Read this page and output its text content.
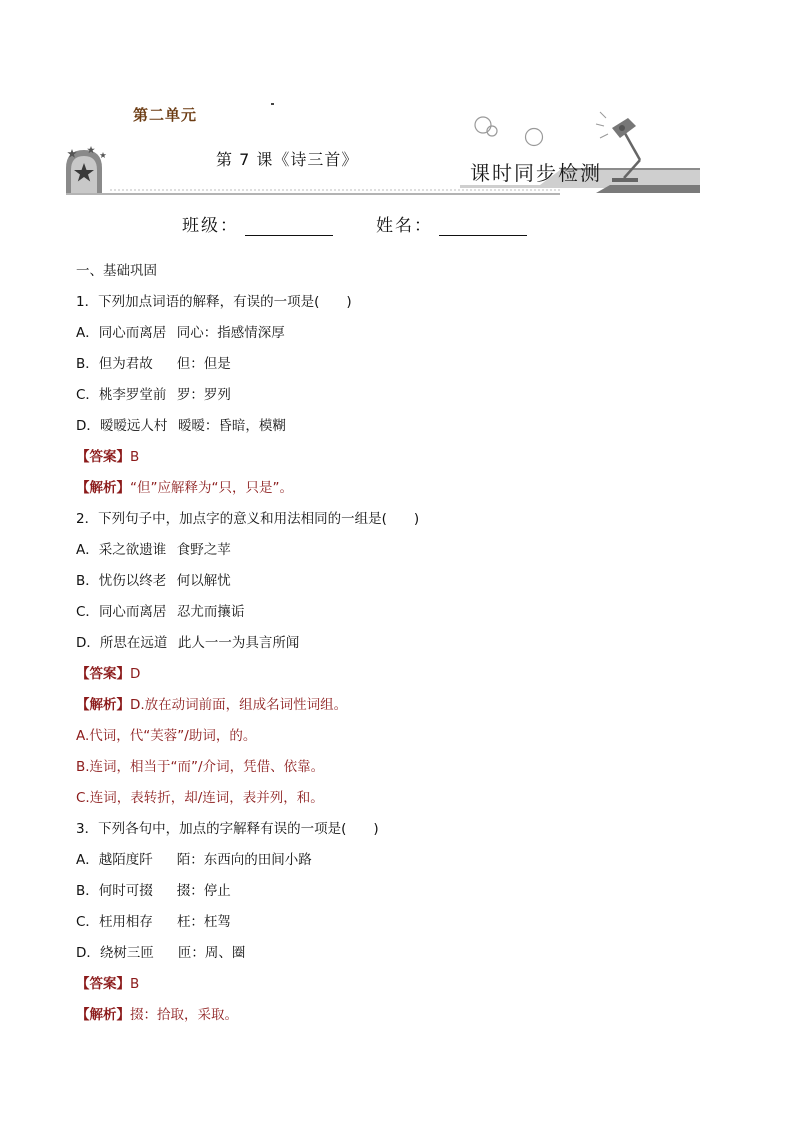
第二单元
第 7 课《诗三首》
课时同步检测
班级：	姓名：
一、基础巩固
1．下列加点词语的解释，有误的一项是(　　)
A．同心而离居 同心：指感情深厚
B．但为君故 但：但是
C．桃李罗堂前 罗：罗列
D．暧暧远人村 暧暧：昏暗，模糊
【答案】B
【解析】“但”应解释为“只，只是”。
2．下列句子中，加点字的意义和用法相同的一组是(　　)
A．采之欲遗谁 食野之苹
B．忧伤以终老 何以解忧
C．同心而离居 忍尤而攘诟
D．所思在远道 此人一一为具言所闻
【答案】D
【解析】D.放在动词前面，组成名词性词组。
A.代词，代“芙蓉”/助词，的。
B.连词，相当于“而”/介词，凭借、依靠。
C.连词，表转折，却/连词，表并列，和。
3．下列各句中，加点的字解释有误的一项是(　　)
A．越陌度阡 陌：东西向的田间小路
B．何时可掇 掇：停止
C．枉用相存 枉：枉驾
D．绕树三匝 匝：周、圈
【答案】B
【解析】掇：拾取，采取。
